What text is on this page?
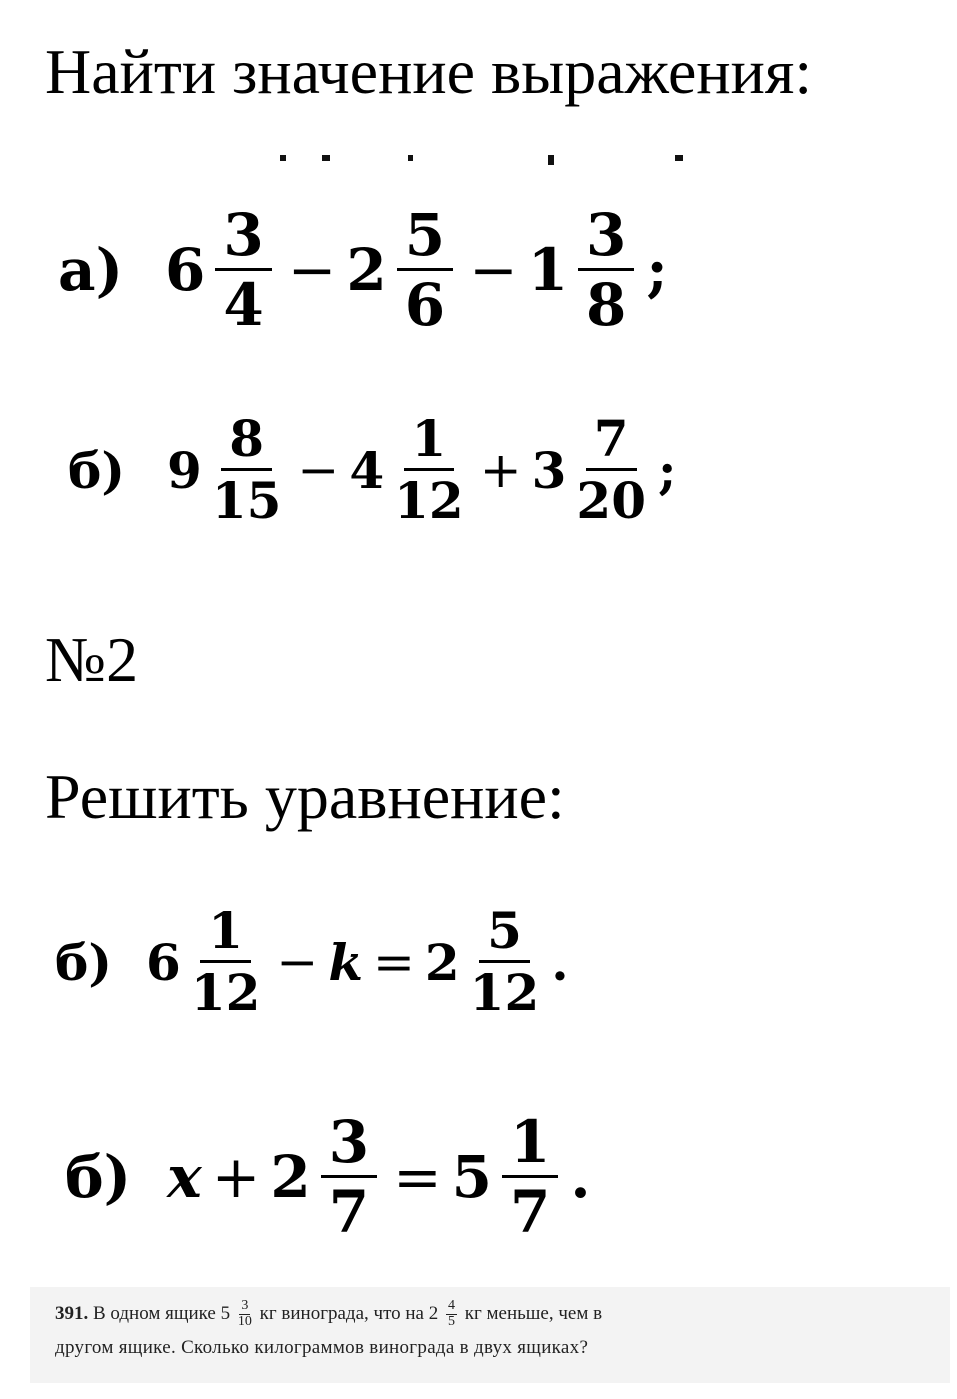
Найти значение выражения:
а) $6 \frac{3}{4} - 2 \frac{5}{6} - 1 \frac{3}{8}$ ;
б) $9 \frac{8}{15} - 4 \frac{1}{12} + 3 \frac{7}{20}$ ;
№2
Решить уравнение:
б) $6 \frac{1}{12} - k = 2 \frac{5}{12}$ .
б) $x + 2 \frac{3}{7} = 5 \frac{1}{7}$ .
391. В одном ящике $5 \frac{3}{10}$ кг винограда, что на $2 \frac{4}{5}$ кг меньше, чем в
другом ящике. Сколько килограммов винограда в двух ящиках?
